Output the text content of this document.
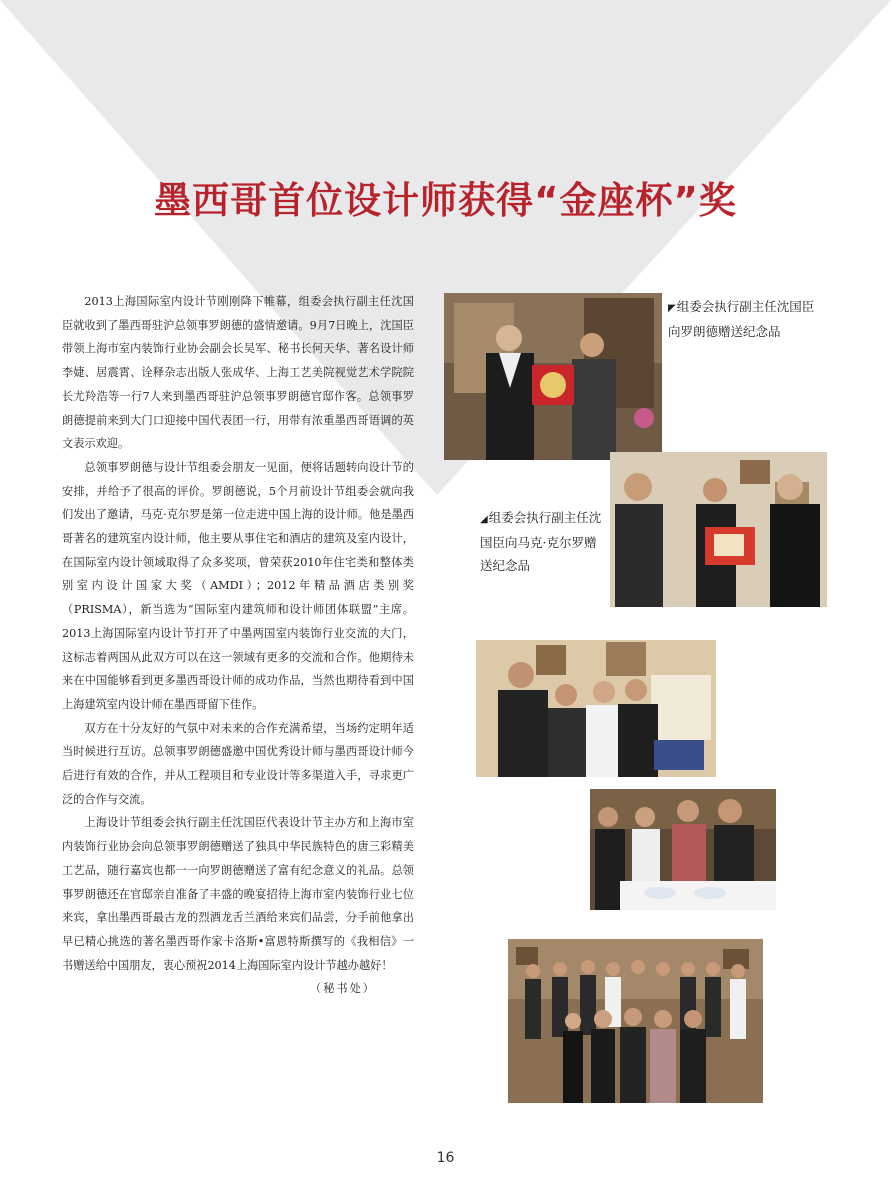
墨西哥首位设计师获得“金座杯”奖

2013上海国际室内设计节刚刚降下帷幕，组委会执行副主任沈国臣就收到了墨西哥驻沪总领事罗朗德的盛情邀请。9月7日晚上，沈国臣带领上海市室内装饰行业协会副会长吴军、秘书长何天华、著名设计师李婕、居震霄、诠释杂志出版人张成华、上海工艺美院视觉艺术学院院长尤羚浩等一行7人来到墨西哥驻沪总领事罗朗德官邸作客。总领事罗朗德提前来到大门口迎接中国代表团一行，用带有浓重墨西哥语调的英文表示欢迎。

总领事罗朗德与设计节组委会朋友一见面，便将话题转向设计节的安排，并给予了很高的评价。罗朗德说，5个月前设计节组委会就向我们发出了邀请，马克·克尔罗是第一位走进中国上海的设计师。他是墨西哥著名的建筑室内设计师，他主要从事住宅和酒店的建筑及室内设计，在国际室内设计领域取得了众多奖项，曾荣获2010年住宅类和整体类别室内设计国家大奖（AMDI）；2012年精品酒店类别奖（PRISMA），新当选为“国际室内建筑师和设计师团体联盟”主席。2013上海国际室内设计节打开了中墨两国室内装饰行业交流的大门，这标志着两国从此双方可以在这一领域有更多的交流和合作。他期待未来在中国能够看到更多墨西哥设计师的成功作品，当然也期待看到中国上海建筑室内设计师在墨西哥留下佳作。

双方在十分友好的气氛中对未来的合作充满希望，当场约定明年适当时候进行互访。总领事罗朗德盛邀中国优秀设计师与墨西哥设计师今后进行有效的合作，并从工程项目和专业设计等多渠道入手，寻求更广泛的合作与交流。

上海设计节组委会执行副主任沈国臣代表设计节主办方和上海市室内装饰行业协会向总领事罗朗德赠送了独具中华民族特色的唐三彩精美工艺品，随行嘉宾也都一一向罗朗德赠送了富有纪念意义的礼品。总领事罗朗德还在官邸亲自准备了丰盛的晚宴招待上海市室内装饰行业七位来宾，拿出墨西哥最古龙的烈酒龙舌兰酒给来宾们品尝，分手前他拿出早已精心挑选的著名墨西哥作家卡洛斯•富恩特斯撰写的《我相信》一书赠送给中国朋友，衷心预祝2014上海国际室内设计节越办越好！

（秘书处）
◤组委会执行副主任沈国臣向罗朗德赠送纪念品
◢组委会执行副主任沈国臣向马克·克尔罗赠送纪念品
16
